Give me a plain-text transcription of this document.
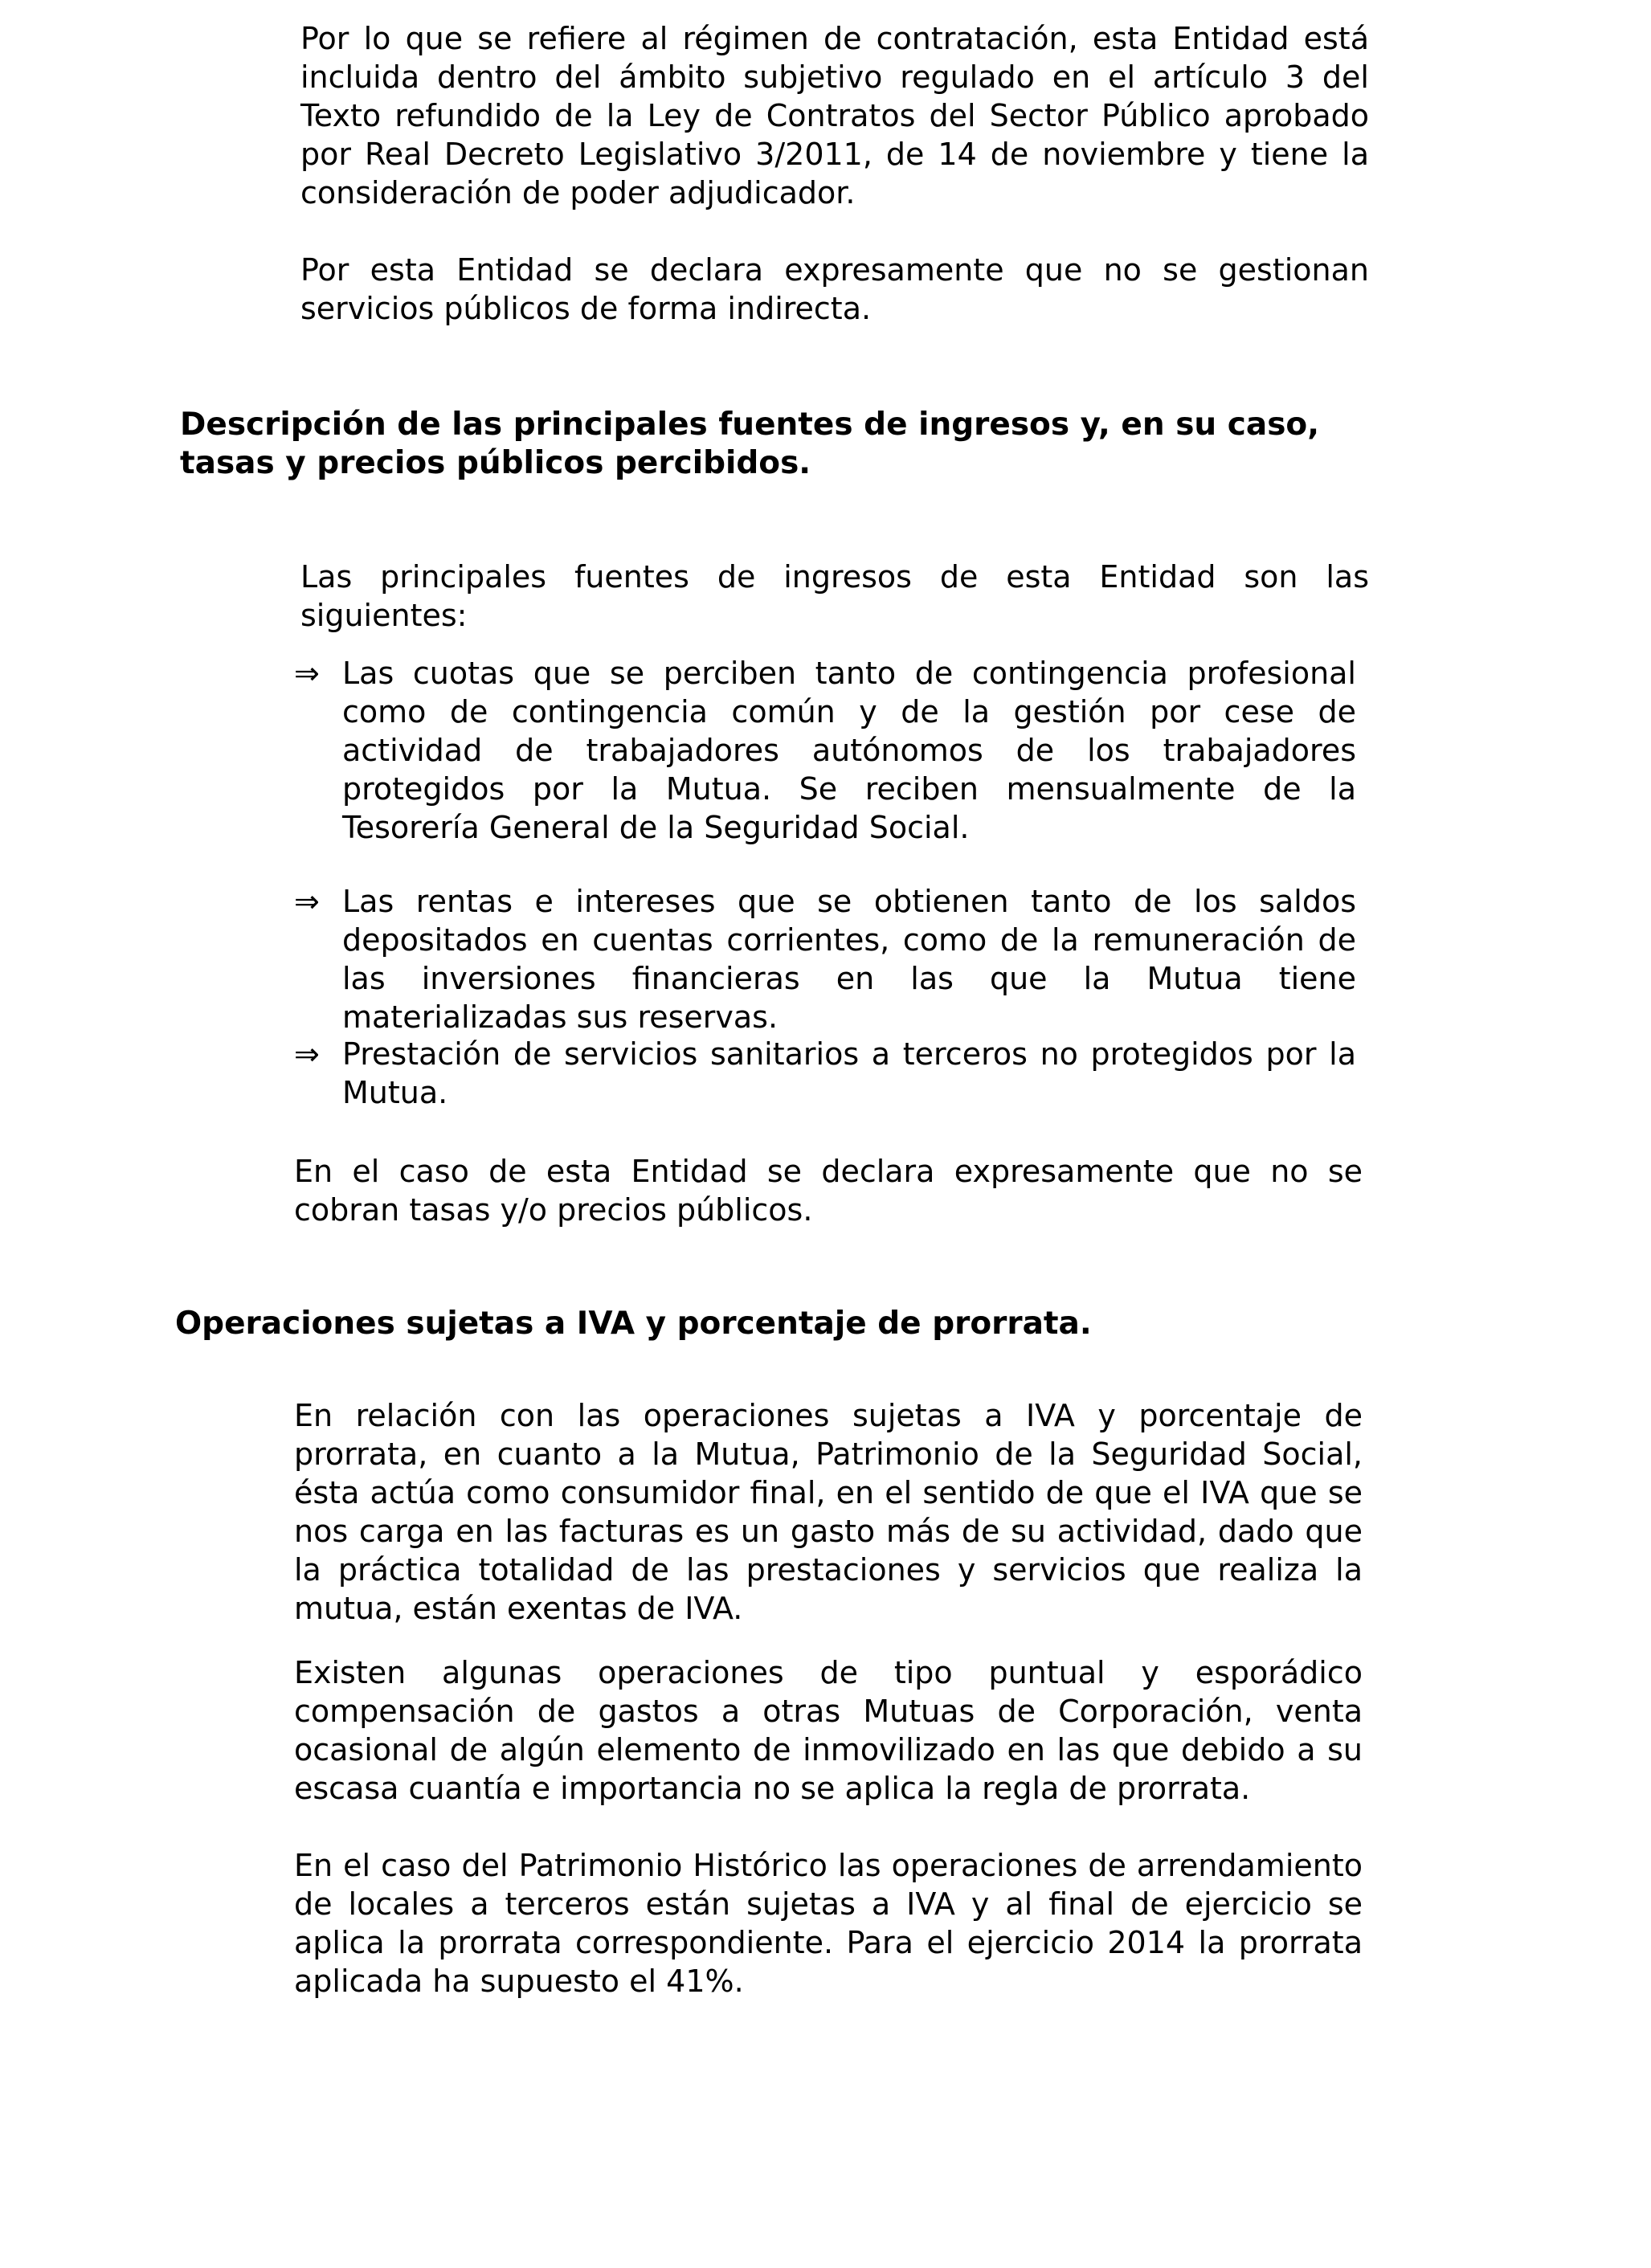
Por lo que se refiere al régimen de contratación, esta Entidad está incluida dentro del ámbito subjetivo regulado en el artículo 3 del Texto refundido de la Ley de Contratos del Sector Público aprobado por Real Decreto Legislativo 3/2011, de 14 de noviembre y tiene la consideración de poder adjudicador.

Por esta Entidad se declara expresamente que no se gestionan servicios públicos de forma indirecta.

Descripción de las principales fuentes de ingresos y, en su caso, tasas y precios públicos percibidos.

Las principales fuentes de ingresos de esta Entidad son las siguientes:

⇒ Las cuotas que se perciben tanto de contingencia profesional como de contingencia común y de la gestión por cese de actividad de trabajadores autónomos de los trabajadores protegidos por la Mutua. Se reciben mensualmente de la Tesorería General de la Seguridad Social.

⇒ Las rentas e intereses que se obtienen tanto de los saldos depositados en cuentas corrientes, como de la remuneración de las inversiones financieras en las que la Mutua tiene materializadas sus reservas.

⇒ Prestación de servicios sanitarios a terceros no protegidos por la Mutua.

En el caso de esta Entidad se declara expresamente que no se cobran tasas y/o precios públicos.

Operaciones sujetas a IVA y porcentaje de prorrata.

En relación con las operaciones sujetas a IVA y porcentaje de prorrata, en cuanto a la Mutua, Patrimonio de la Seguridad Social, ésta actúa como consumidor final, en el sentido de que el IVA que se nos carga en las facturas es un gasto más de su actividad, dado que la práctica totalidad de las prestaciones y servicios que realiza la mutua, están exentas de IVA.

Existen algunas operaciones de tipo puntual y esporádico compensación de gastos a otras Mutuas de Corporación, venta ocasional de algún elemento de inmovilizado en las que debido a su escasa cuantía e importancia no se aplica la regla de prorrata.

En el caso del Patrimonio Histórico las operaciones de arrendamiento de locales a terceros están sujetas a IVA y al final de ejercicio se aplica la prorrata correspondiente. Para el ejercicio 2014 la prorrata aplicada ha supuesto el 41%.
